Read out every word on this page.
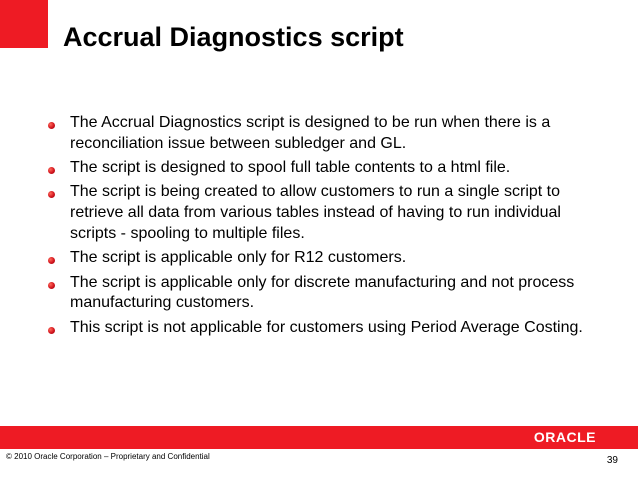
Accrual Diagnostics script
The Accrual Diagnostics script is designed to be run when there is a reconciliation issue between subledger and GL.
The script is designed to spool full table contents to a html file.
The script is being created to allow customers to run a single script to retrieve all data from various tables instead of having to run individual scripts - spooling to multiple files.
The script is applicable only for R12 customers.
The script is applicable only for discrete manufacturing and not process manufacturing customers.
This script is not applicable for customers using Period Average Costing.
ORACLE
© 2010 Oracle Corporation – Proprietary and Confidential	39
